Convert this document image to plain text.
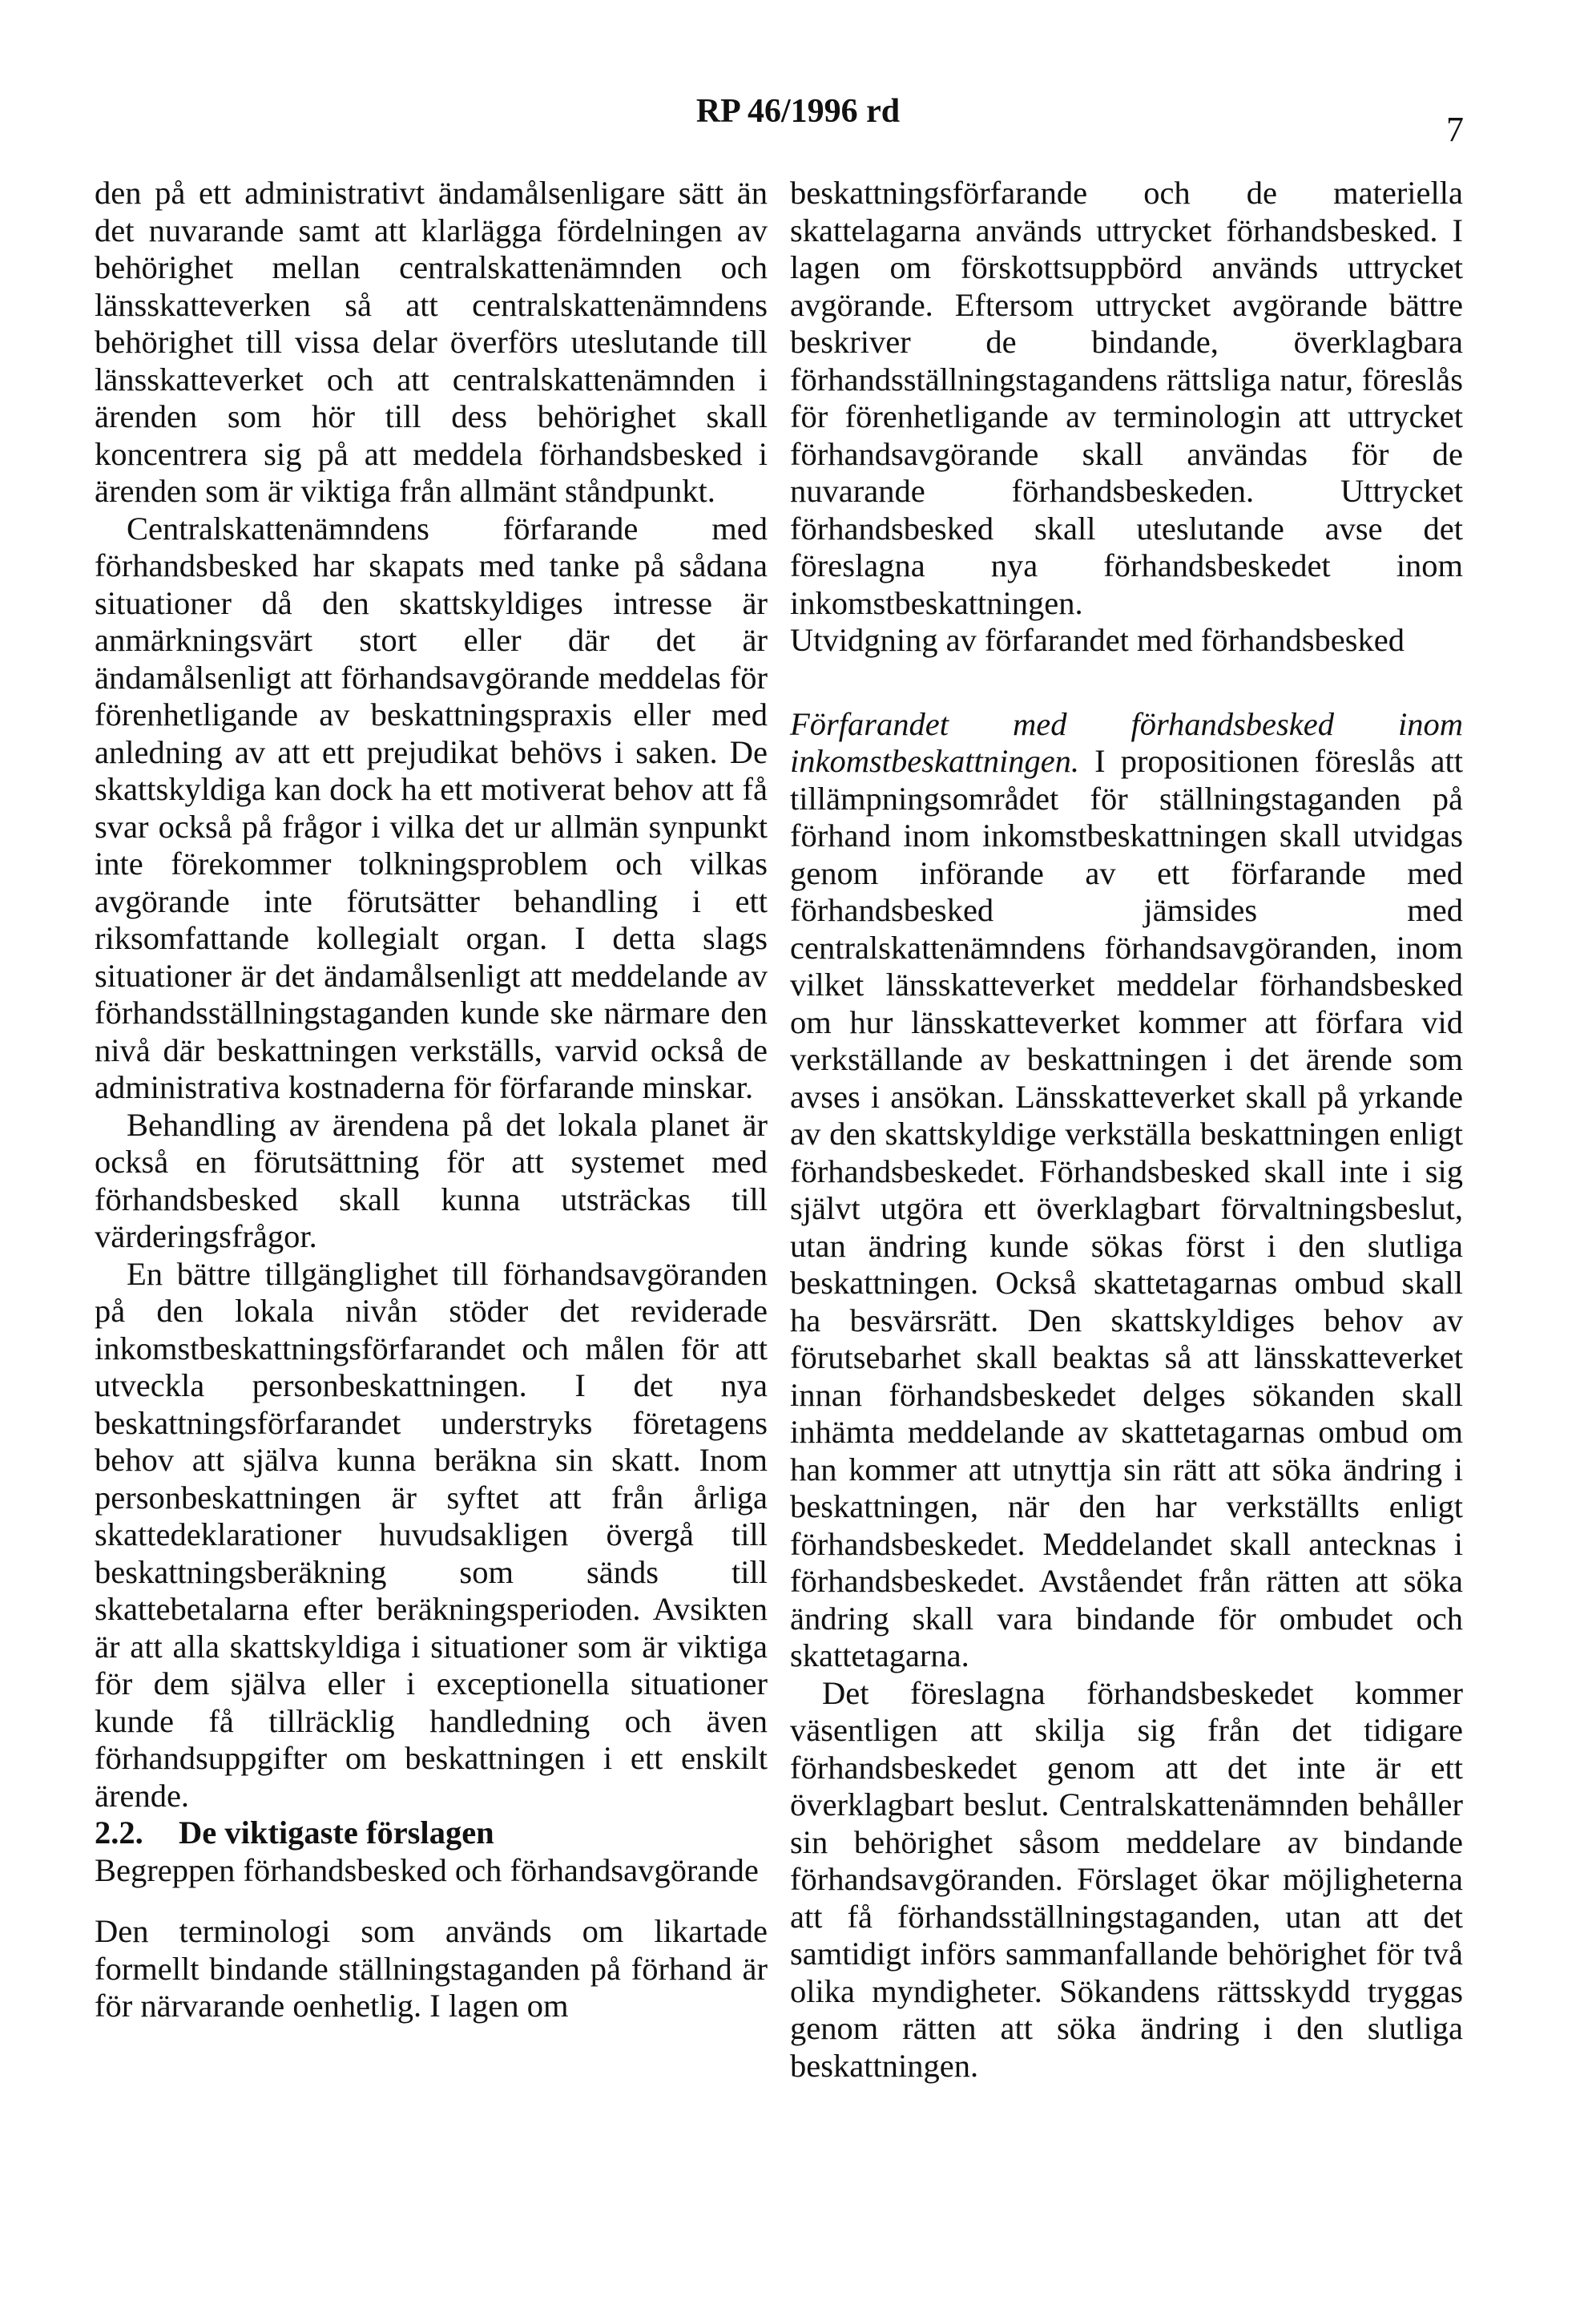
RP 46/1996 rd	7

den på ett administrativt ändamålsenligare sätt än det nuvarande samt att klarlägga fördelningen av behörighet mellan centralskattenämnden och länsskatteverken så att centralskattenämndens behörighet till vissa delar överförs uteslutande till länsskatteverket och att centralskattenämnden i ärenden som hör till dess behörighet skall koncentrera sig på att meddela förhandsbesked i ärenden som är viktiga från allmänt ståndpunkt.

Centralskattenämndens förfarande med förhandsbesked har skapats med tanke på sådana situationer då den skattskyldiges intresse är anmärkningsvärt stort eller där det är ändamålsenligt att förhandsavgörande meddelas för förenhetligande av beskattningspraxis eller med anledning av att ett prejudikat behövs i saken. De skattskyldiga kan dock ha ett motiverat behov att få svar också på frågor i vilka det ur allmän synpunkt inte förekommer tolkningsproblem och vilkas avgörande inte förutsätter behandling i ett riksomfattande kollegialt organ. I detta slags situationer är det ändamålsenligt att meddelande av förhandsställningstaganden kunde ske närmare den nivå där beskattningen verkställs, varvid också de administrativa kostnaderna för förfarande minskar.

Behandling av ärendena på det lokala planet är också en förutsättning för att systemet med förhandsbesked skall kunna utsträckas till värderingsfrågor.

En bättre tillgänglighet till förhandsavgöranden på den lokala nivån stöder det reviderade inkomstbeskattningsförfarandet och målen för att utveckla personbeskattningen. I det nya beskattningsförfarandet understryks företagens behov att själva kunna beräkna sin skatt. Inom personbeskattningen är syftet att från årliga skattedeklarationer huvudsakligen övergå till beskattningsberäkning som sänds till skattebetalarna efter beräkningsperioden. Avsikten är att alla skattskyldiga i situationer som är viktiga för dem själva eller i exceptionella situationer kunde få tillräcklig handledning och även förhandsuppgifter om beskattningen i ett enskilt ärende.

2.2. De viktigaste förslagen

Begreppen förhandsbesked och förhandsavgörande

Den terminologi som används om likartade formellt bindande ställningstaganden på förhand är för närvarande oenhetlig. I lagen om

beskattningsförfarande och de materiella skattelagarna används uttrycket förhandsbesked. I lagen om förskottsuppbörd används uttrycket avgörande. Eftersom uttrycket avgörande bättre beskriver de bindande, överklagbara förhandsställningstagandens rättsliga natur, föreslås för förenhetligande av terminologin att uttrycket förhandsavgörande skall användas för de nuvarande förhandsbeskeden. Uttrycket förhandsbesked skall uteslutande avse det föreslagna nya förhandsbeskedet inom inkomstbeskattningen.

Utvidgning av förfarandet med förhandsbesked

Förfarandet med förhandsbesked inom inkomstbeskattningen. I propositionen föreslås att tillämpningsområdet för ställningstaganden på förhand inom inkomstbeskattningen skall utvidgas genom införande av ett förfarande med förhandsbesked jämsides med centralskattenämndens förhandsavgöranden, inom vilket länsskatteverket meddelar förhandsbesked om hur länsskatteverket kommer att förfara vid verkställande av beskattningen i det ärende som avses i ansökan. Länsskatteverket skall på yrkande av den skattskyldige verkställa beskattningen enligt förhandsbeskedet. Förhandsbesked skall inte i sig självt utgöra ett överklagbart förvaltningsbeslut, utan ändring kunde sökas först i den slutliga beskattningen. Också skattetagarnas ombud skall ha besvärsrätt. Den skattskyldiges behov av förutsebarhet skall beaktas så att länsskatteverket innan förhandsbeskedet delges sökanden skall inhämta meddelande av skattetagarnas ombud om han kommer att utnyttja sin rätt att söka ändring i beskattningen, när den har verkställts enligt förhandsbeskedet. Meddelandet skall antecknas i förhandsbeskedet. Avståendet från rätten att söka ändring skall vara bindande för ombudet och skattetagarna.

Det föreslagna förhandsbeskedet kommer väsentligen att skilja sig från det tidigare förhandsbeskedet genom att det inte är ett överklagbart beslut. Centralskattenämnden behåller sin behörighet såsom meddelare av bindande förhandsavgöranden. Förslaget ökar möjligheterna att få förhandsställningstaganden, utan att det samtidigt införs sammanfallande behörighet för två olika myndigheter. Sökandens rättsskydd tryggas genom rätten att söka ändring i den slutliga beskattningen.
